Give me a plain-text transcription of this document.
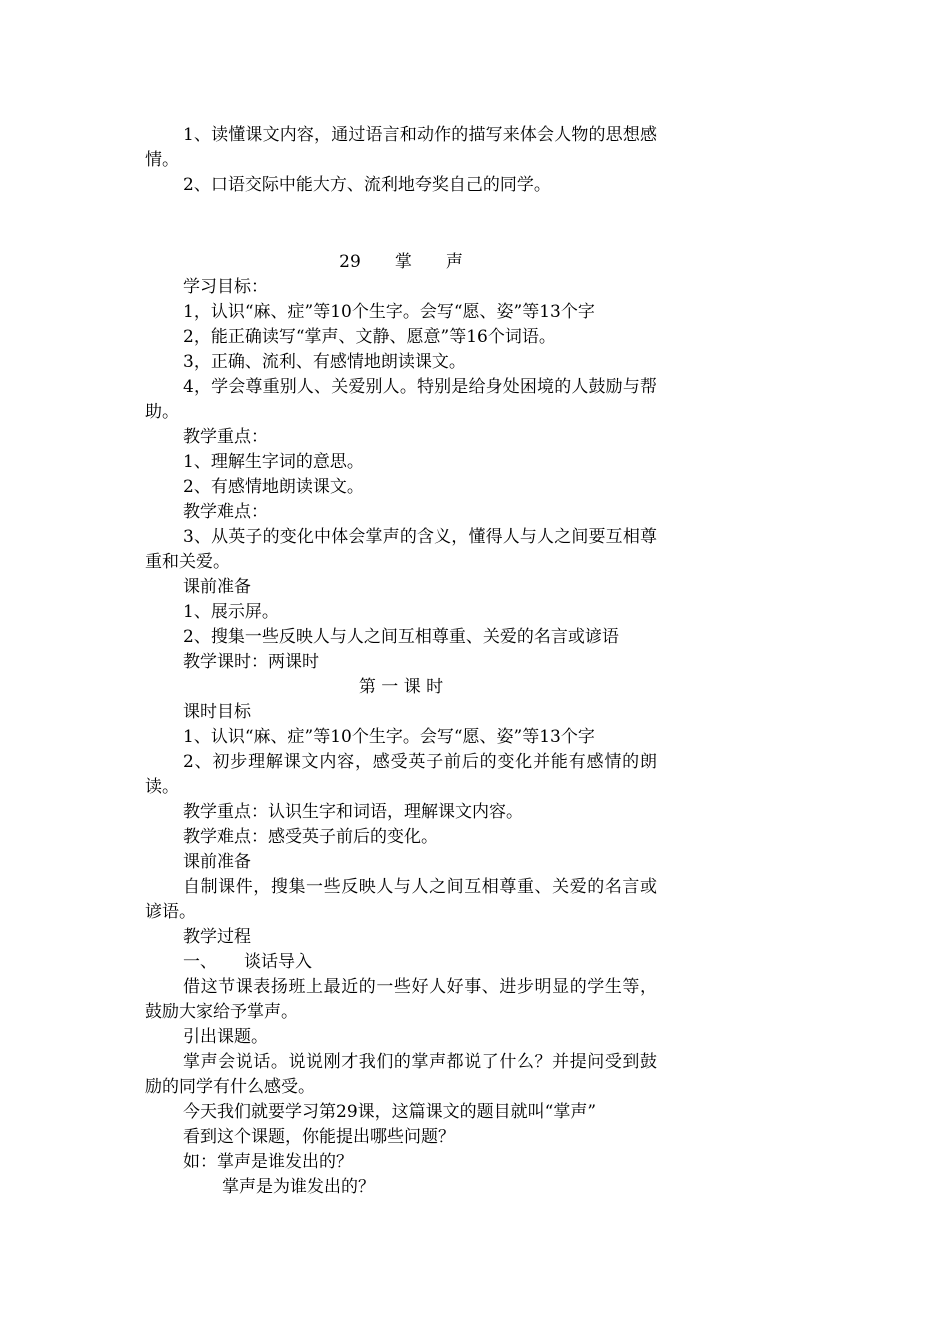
1、读懂课文内容，通过语言和动作的描写来体会人物的思想感情。

2、口语交际中能大方、流利地夸奖自己的同学。

29 掌 声

学习目标：

1，认识“麻、症”等10个生字。会写“愿、姿”等13个字

2，能正确读写“掌声、文静、愿意”等16个词语。

3，正确、流利、有感情地朗读课文。

4，学会尊重别人、关爱别人。特别是给身处困境的人鼓励与帮助。

教学重点：

1、理解生字词的意思。

2、有感情地朗读课文。

教学难点：

3、从英子的变化中体会掌声的含义，懂得人与人之间要互相尊重和关爱。

课前准备

1、展示屏。

2、搜集一些反映人与人之间互相尊重、关爱的名言或谚语

教学课时：两课时

第 一 课 时

课时目标

1、认识“麻、症”等10个生字。会写“愿、姿”等13个字

2、初步理解课文内容，感受英子前后的变化并能有感情的朗读。

教学重点：认识生字和词语，理解课文内容。

教学难点：感受英子前后的变化。

课前准备

自制课件，搜集一些反映人与人之间互相尊重、关爱的名言或谚语。

教学过程

一、     谈话导入

借这节课表扬班上最近的一些好人好事、进步明显的学生等，鼓励大家给予掌声。

引出课题。

掌声会说话。说说刚才我们的掌声都说了什么？并提问受到鼓励的同学有什么感受。

今天我们就要学习第29课，这篇课文的题目就叫“掌声”

看到这个课题，你能提出哪些问题？

如：掌声是谁发出的？

掌声是为谁发出的？
